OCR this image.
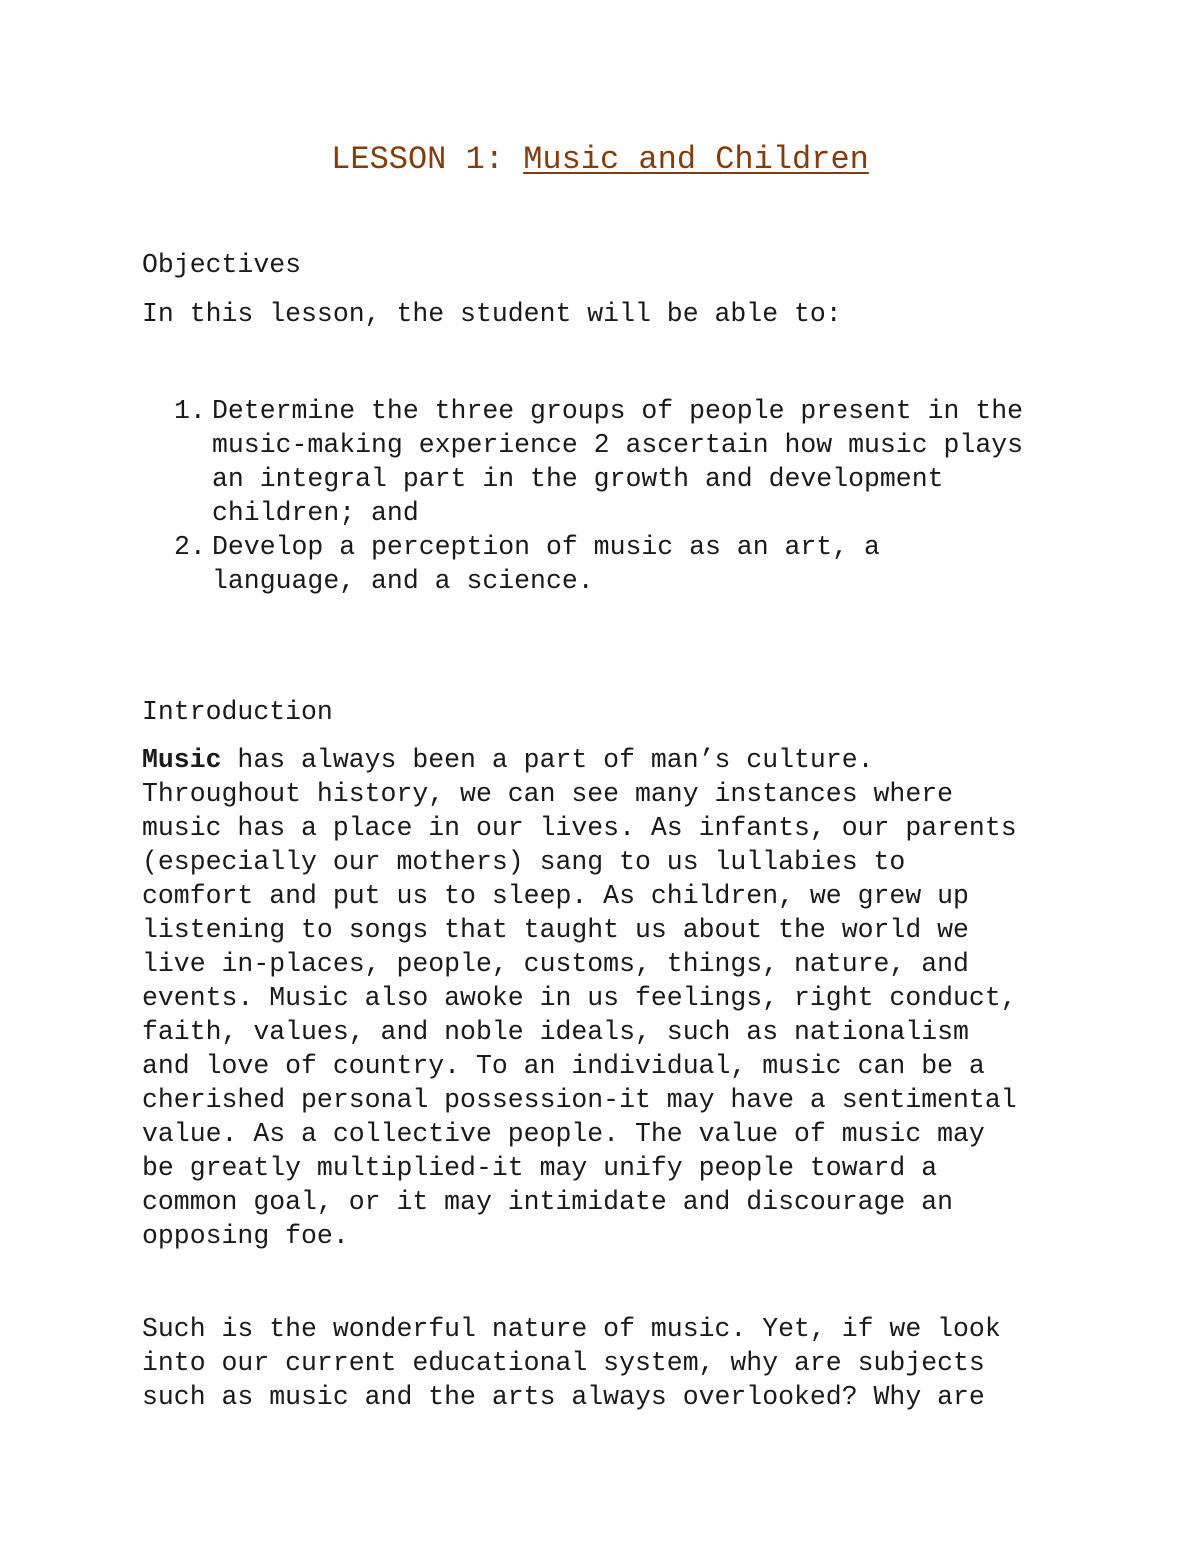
LESSON 1: Music and Children
Objectives
In this lesson, the student will be able to:
1. Determine the three groups of people present in the
music-making experience 2 ascertain how music plays
an integral part in the growth and development
children; and
2. Develop a perception of music as an art, a
language, and a science.
Introduction
Music has always been a part of man’s culture.
Throughout history, we can see many instances where
music has a place in our lives. As infants, our parents
(especially our mothers) sang to us lullabies to
comfort and put us to sleep. As children, we grew up
listening to songs that taught us about the world we
live in-places, people, customs, things, nature, and
events. Music also awoke in us feelings, right conduct,
faith, values, and noble ideals, such as nationalism
and love of country. To an individual, music can be a
cherished personal possession-it may have a sentimental
value. As a collective people. The value of music may
be greatly multiplied-it may unify people toward a
common goal, or it may intimidate and discourage an
opposing foe.
Such is the wonderful nature of music. Yet, if we look
into our current educational system, why are subjects
such as music and the arts always overlooked? Why are
